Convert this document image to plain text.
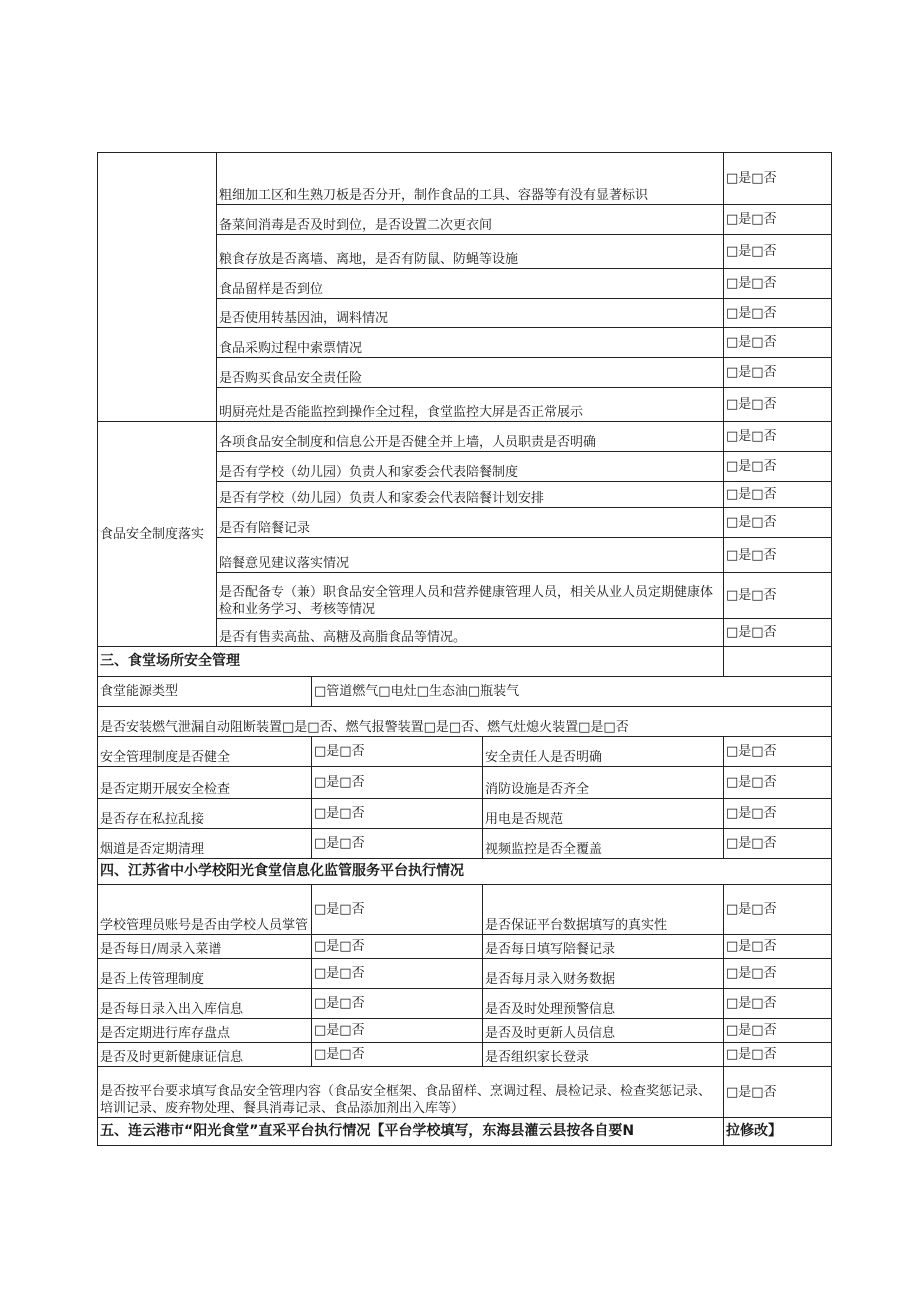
	粗细加工区和生熟刀板是否分开，制作食品的工具、容器等有没有显著标识			□是□否
	备菜间消毒是否及时到位，是否设置二次更衣间			□是□否
	粮食存放是否离墙、离地，是否有防鼠、防蝇等设施			□是□否
	食品留样是否到位			□是□否
	是否使用转基因油，调料情况			□是□否
	食品采购过程中索票情况			□是□否
	是否购买食品安全责任险			□是□否
	明厨亮灶是否能监控到操作全过程，食堂监控大屏是否正常展示			□是□否
食品安全制度落实	各项食品安全制度和信息公开是否健全并上墙，人员职责是否明确			□是□否
	是否有学校（幼儿园）负责人和家委会代表陪餐制度			□是□否
	是否有学校（幼儿园）负责人和家委会代表陪餐计划安排			□是□否
	是否有陪餐记录			□是□否
	陪餐意见建议落实情况			□是□否
	是否配备专（兼）职食品安全管理人员和营养健康管理人员，相关从业人员定期健康体检和业务学习、考核等情况			□是□否
	是否有售卖高盐、高糖及高脂食品等情况。			□是□否
三、食堂场所安全管理				
食堂能源类型		□管道燃气□电灶□生态油□瓶装气		
是否安装燃气泄漏自动阻断装置□是□否、燃气报警装置□是□否、燃气灶熄火装置□是□否				
安全管理制度是否健全		□是□否	安全责任人是否明确	□是□否
是否定期开展安全检查		□是□否	消防设施是否齐全	□是□否
是否存在私拉乱接		□是□否	用电是否规范	□是□否
烟道是否定期清理		□是□否	视频监控是否全覆盖	□是□否
四、江苏省中小学校阳光食堂信息化监管服务平台执行情况				
学校管理员账号是否由学校人员掌管		□是□否	是否保证平台数据填写的真实性	□是□否
是否每日/周录入菜谱		□是□否	是否每日填写陪餐记录	□是□否
是否上传管理制度		□是□否	是否每月录入财务数据	□是□否
是否每日录入出入库信息		□是□否	是否及时处理预警信息	□是□否
是否定期进行库存盘点		□是□否	是否及时更新人员信息	□是□否
是否及时更新健康证信息		□是□否	是否组织家长登录	□是□否
是否按平台要求填写食品安全管理内容（食品安全框架、食品留样、烹调过程、晨检记录、检查奖惩记录、培训记录、废弃物处理、餐具消毒记录、食品添加剂出入库等）				□是□否
五、连云港市“阳光食堂”直采平台执行情况【平台学校填写，东海县灌云县按各自要N				拉修改】
